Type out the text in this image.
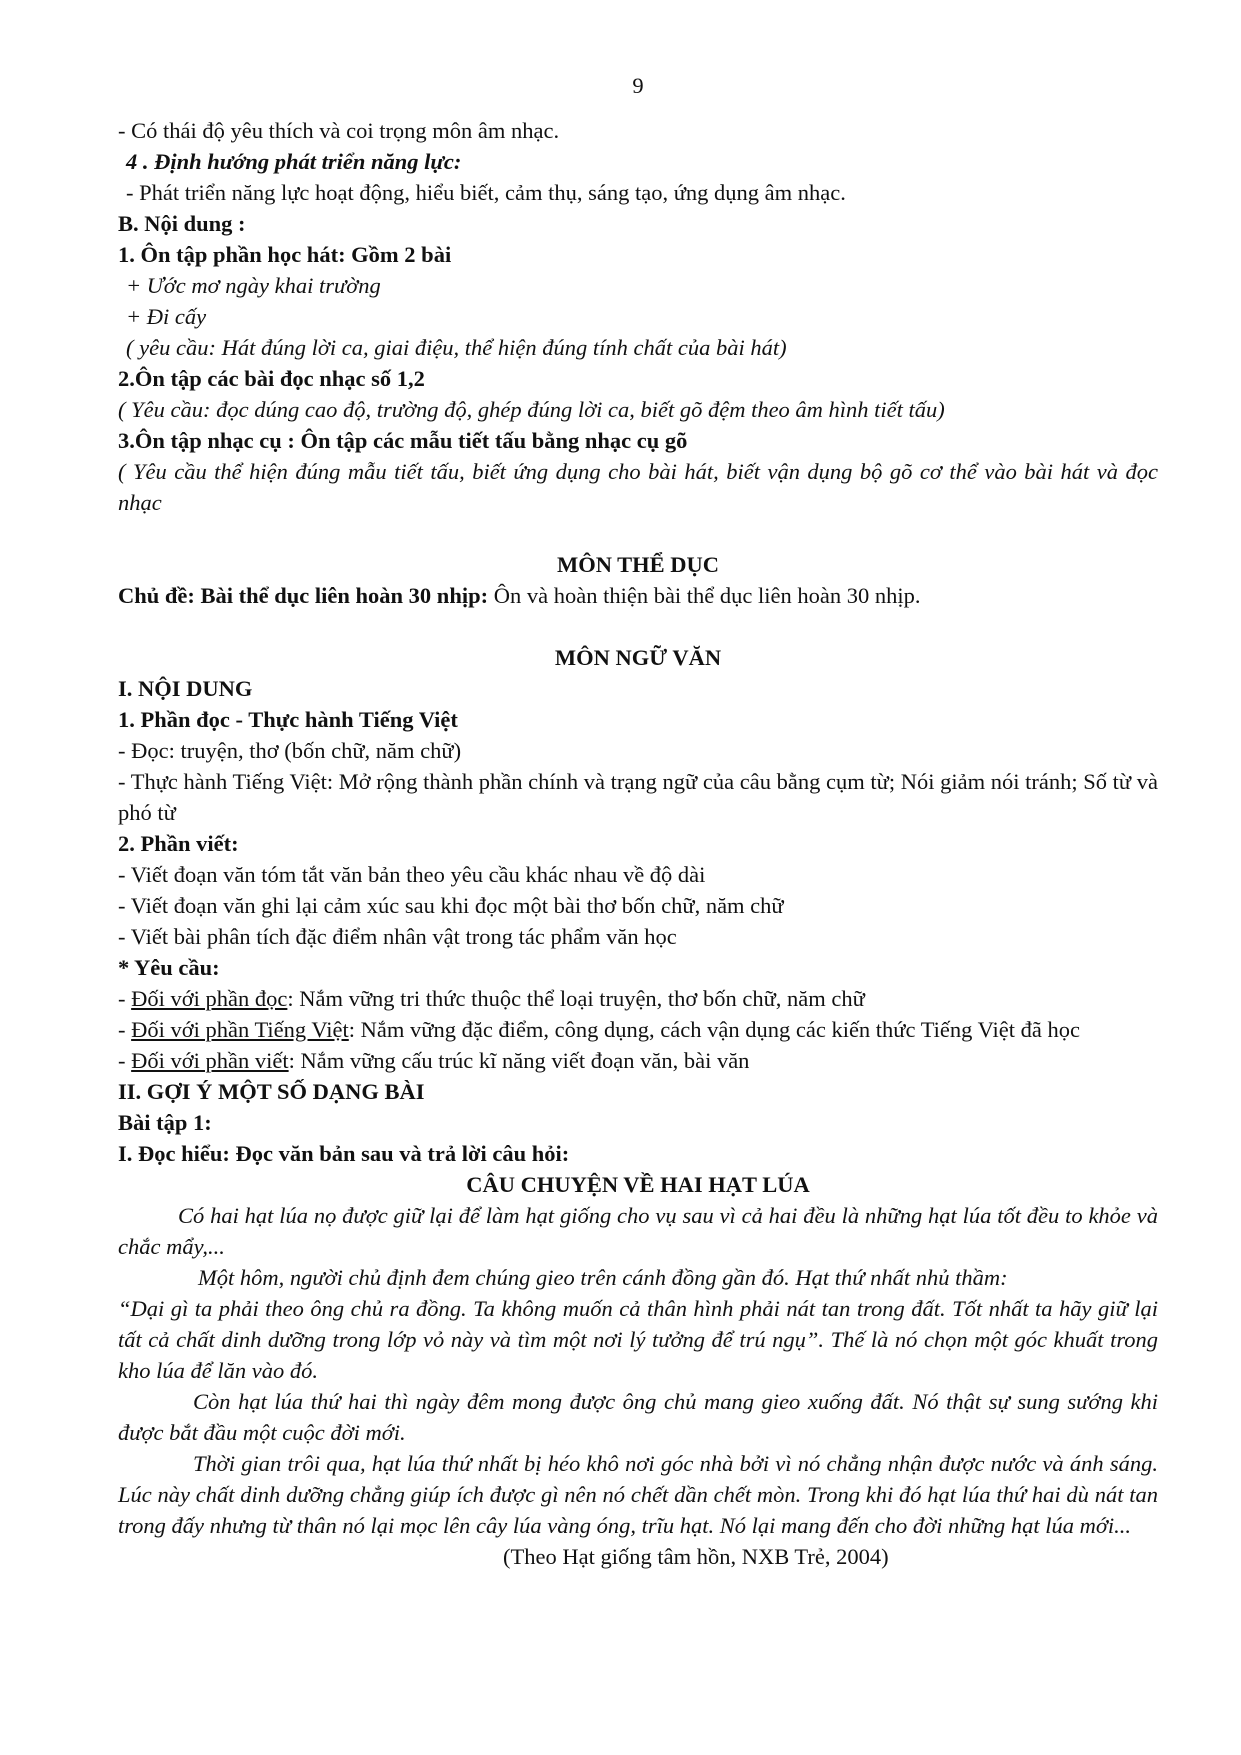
9
- Có thái độ yêu thích và coi trọng môn âm nhạc.
4 . Định hướng phát triển năng lực:
- Phát triển năng lực hoạt động, hiểu biết, cảm thụ, sáng tạo, ứng dụng âm nhạc.
B. Nội dung :
1. Ôn tập phần học hát: Gồm 2 bài
+ Ước mơ ngày khai trường
+ Đi cấy
( yêu cầu: Hát đúng lời ca, giai điệu, thể hiện đúng tính chất của bài hát)
2.Ôn tập các bài đọc nhạc số 1,2
( Yêu cầu: đọc dúng cao độ, trường độ, ghép đúng lời ca, biết gõ đệm theo âm hình tiết tấu)
3.Ôn tập nhạc cụ : Ôn tập các mẫu tiết tấu bằng nhạc cụ gõ
( Yêu cầu thể hiện đúng mẫu tiết tấu, biết ứng dụng cho bài hát, biết vận dụng bộ gõ cơ thể vào bài hát và đọc nhạc
MÔN THỂ DỤC
Chủ đề: Bài thể dục liên hoàn 30 nhịp: Ôn và hoàn thiện bài thể dục liên hoàn 30 nhịp.
MÔN NGỮ VĂN
I. NỘI DUNG
1. Phần đọc - Thực hành Tiếng Việt
- Đọc: truyện, thơ (bốn chữ, năm chữ)
- Thực hành Tiếng Việt: Mở rộng thành phần chính và trạng ngữ của câu bằng cụm từ; Nói giảm nói tránh; Số từ và phó từ
2. Phần viết:
- Viết đoạn văn tóm tắt văn bản theo yêu cầu khác nhau về độ dài
- Viết đoạn văn ghi lại cảm xúc sau khi đọc một bài thơ bốn chữ, năm chữ
- Viết bài phân tích đặc điểm nhân vật trong tác phẩm văn học
* Yêu cầu:
- Đối với phần đọc: Nắm vững tri thức thuộc thể loại truyện, thơ bốn chữ, năm chữ
- Đối với phần Tiếng Việt: Nắm vững đặc điểm, công dụng, cách vận dụng các kiến thức Tiếng Việt đã học
- Đối với phần viết: Nắm vững cấu trúc kĩ năng viết đoạn văn, bài văn
II. GỢI Ý MỘT SỐ DẠNG BÀI
Bài tập 1:
I. Đọc hiểu: Đọc văn bản sau và trả lời câu hỏi:
CÂU CHUYỆN VỀ HAI HẠT LÚA
Có hai hạt lúa nọ được giữ lại để làm hạt giống cho vụ sau vì cả hai đều là những hạt lúa tốt đều to khỏe và chắc mẩy,...
Một hôm, người chủ định đem chúng gieo trên cánh đồng gần đó. Hạt thứ nhất nhủ thầm:
“Dại gì ta phải theo ông chủ ra đồng. Ta không muốn cả thân hình phải nát tan trong đất. Tốt nhất ta hãy giữ lại tất cả chất dinh dưỡng trong lớp vỏ này và tìm một nơi lý tưởng để trú ngụ”. Thế là nó chọn một góc khuất trong kho lúa để lăn vào đó.
Còn hạt lúa thứ hai thì ngày đêm mong được ông chủ mang gieo xuống đất. Nó thật sự sung sướng khi được bắt đầu một cuộc đời mới.
Thời gian trôi qua, hạt lúa thứ nhất bị héo khô nơi góc nhà bởi vì nó chẳng nhận được nước và ánh sáng. Lúc này chất dinh dưỡng chẳng giúp ích được gì nên nó chết dần chết mòn. Trong khi đó hạt lúa thứ hai dù nát tan trong đấy nhưng từ thân nó lại mọc lên cây lúa vàng óng, trĩu hạt. Nó lại mang đến cho đời những hạt lúa mới...
(Theo Hạt giống tâm hồn, NXB Trẻ, 2004)
